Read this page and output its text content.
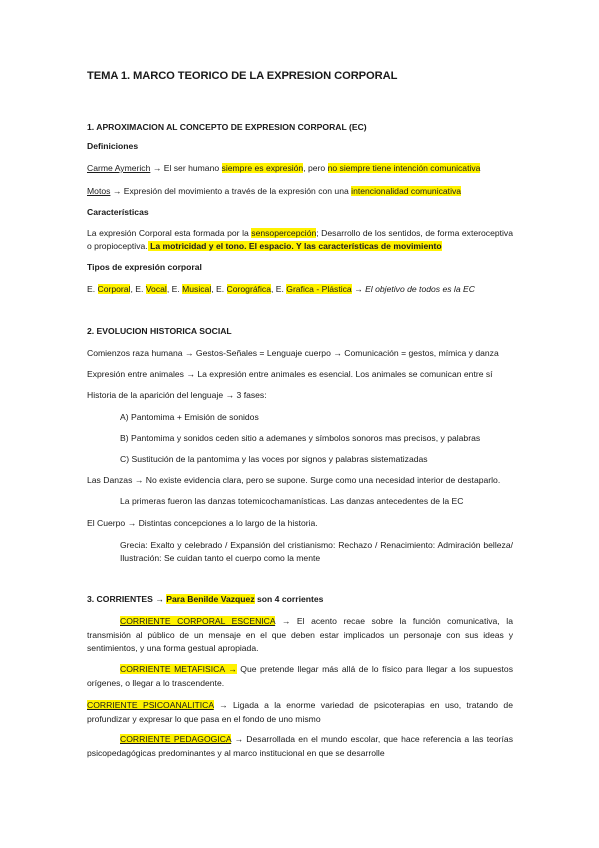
TEMA 1. MARCO TEORICO DE LA EXPRESION CORPORAL
1. APROXIMACION AL CONCEPTO DE EXPRESION CORPORAL (EC)
Definiciones
Carme Aymerich → El ser humano siempre es expresión, pero no siempre tiene intención comunicativa
Motos → Expresión del movimiento a través de la expresión con una intencionalidad comunicativa
Características
La expresión Corporal esta formada por la sensopercepción; Desarrollo de los sentidos, de forma exteroceptiva o propioceptiva. La motricidad y el tono. El espacio. Y las características de movimiento
Tipos de expresión corporal
E. Corporal, E. Vocal, E. Musical, E. Corográfica, E. Grafica - Plástica → El objetivo de todos es la EC
2. EVOLUCION HISTORICA SOCIAL
Comienzos raza humana → Gestos-Señales = Lenguaje cuerpo → Comunicación = gestos, mímica y danza
Expresión entre animales → La expresión entre animales es esencial. Los animales se comunican entre sí
Historia de la aparición del lenguaje → 3 fases:
A) Pantomima + Emisión de sonidos
B) Pantomima y sonidos ceden sitio a ademanes y símbolos sonoros mas precisos, y palabras
C) Sustitución de la pantomima y las voces por signos y palabras sistematizadas
Las Danzas → No existe evidencia clara, pero se supone. Surge como una necesidad interior de destaparlo.
La primeras fueron las danzas totemicochamanísticas. Las danzas antecedentes de la EC
El Cuerpo → Distintas concepciones a lo largo de la historia.
Grecia: Exalto y celebrado / Expansión del cristianismo: Rechazo / Renacimiento: Admiración belleza/ Ilustración: Se cuidan tanto el cuerpo como la mente
3. CORRIENTES → Para Benilde Vazquez son 4 corrientes
CORRIENTE CORPORAL ESCENICA → El acento recae sobre la función comunicativa, la transmisión al público de un mensaje en el que deben estar implicados un personaje con sus ideas y sentimientos, y una forma gestual apropiada.
CORRIENTE METAFISICA → Que pretende llegar más allá de lo físico para llegar a los supuestos orígenes, o llegar a lo trascendente.
CORRIENTE PSICOANALITICA → Ligada a la enorme variedad de psicoterapias en uso, tratando de profundizar y expresar lo que pasa en el fondo de uno mismo
CORRIENTE PEDAGOGICA → Desarrollada en el mundo escolar, que hace referencia a las teorías psicopedagógicas predominantes y al marco institucional en que se desarrolle
